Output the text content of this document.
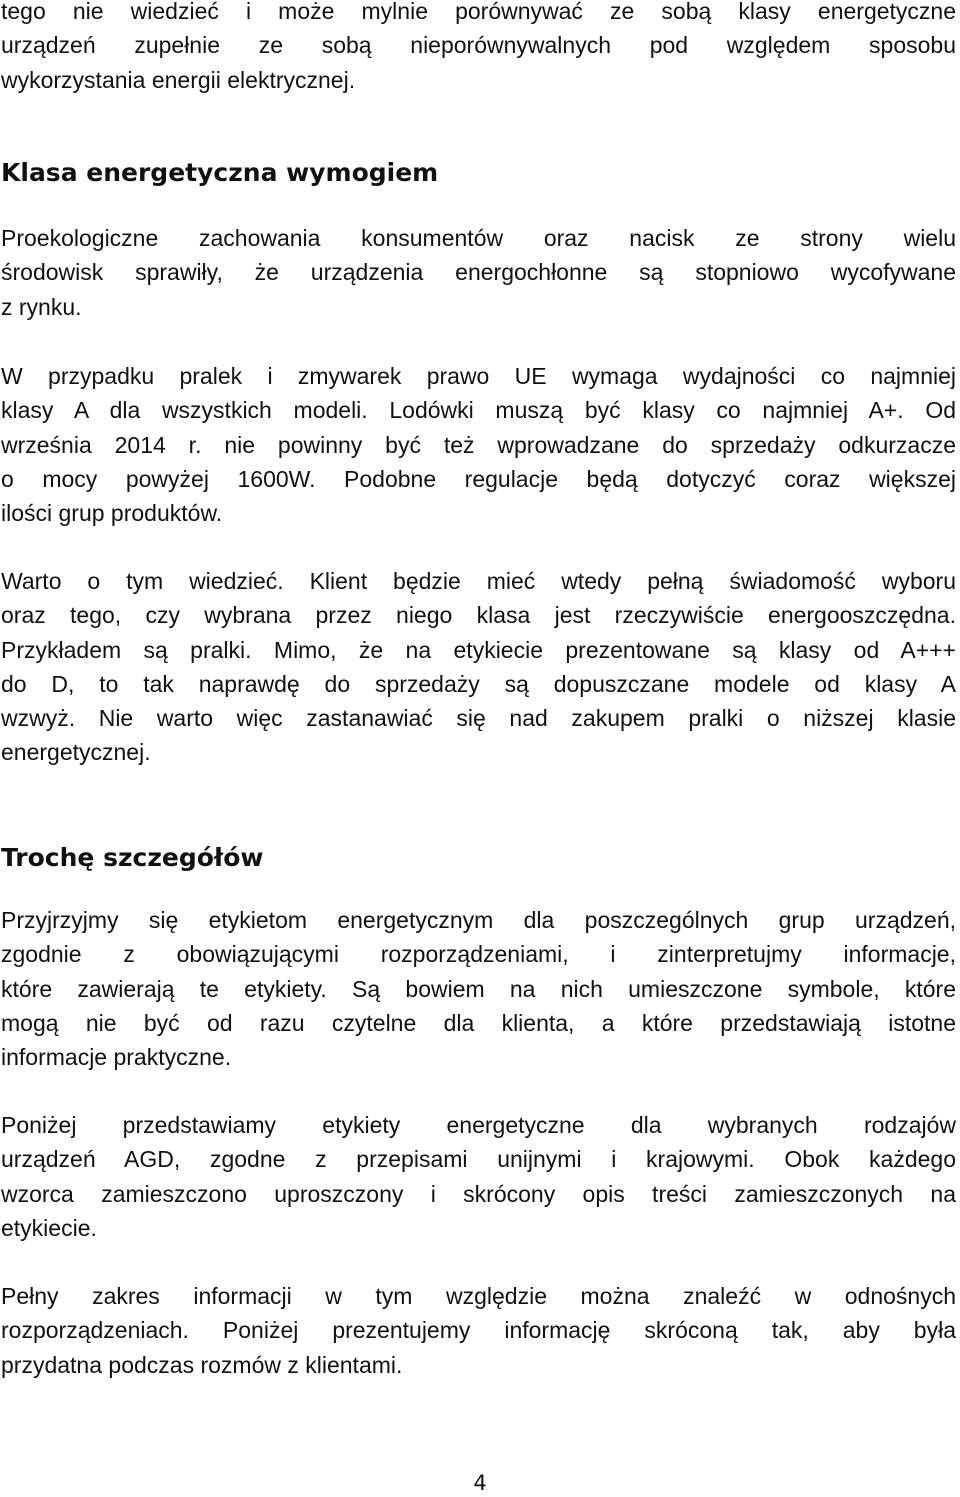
tego nie wiedzieć i może mylnie porównywać ze sobą klasy energetyczne
urządzeń zupełnie ze sobą nieporównywalnych pod względem sposobu
wykorzystania energii elektrycznej.

Klasa energetyczna wymogiem

Proekologiczne zachowania konsumentów oraz nacisk ze strony wielu
środowisk sprawiły, że urządzenia energochłonne są stopniowo wycofywane
z rynku.

W przypadku pralek i zmywarek prawo UE wymaga wydajności co najmniej
klasy A dla wszystkich modeli. Lodówki muszą być klasy co najmniej A+. Od
września 2014 r. nie powinny być też wprowadzane do sprzedaży odkurzacze
o mocy powyżej 1600W. Podobne regulacje będą dotyczyć coraz większej
ilości grup produktów.

Warto o tym wiedzieć. Klient będzie mieć wtedy pełną świadomość wyboru
oraz tego, czy wybrana przez niego klasa jest rzeczywiście energooszczędna.
Przykładem są pralki. Mimo, że na etykiecie prezentowane są klasy od A+++
do D, to tak naprawdę do sprzedaży są dopuszczane modele od klasy A
wzwyż. Nie warto więc zastanawiać się nad zakupem pralki o niższej klasie
energetycznej.

Trochę szczegółów

Przyjrzyjmy się etykietom energetycznym dla poszczególnych grup urządzeń,
zgodnie z obowiązującymi rozporządzeniami, i zinterpretujmy informacje,
które zawierają te etykiety. Są bowiem na nich umieszczone symbole, które
mogą nie być od razu czytelne dla klienta, a które przedstawiają istotne
informacje praktyczne.

Poniżej przedstawiamy etykiety energetyczne dla wybranych rodzajów
urządzeń AGD, zgodne z przepisami unijnymi i krajowymi. Obok każdego
wzorca zamieszczono uproszczony i skrócony opis treści zamieszczonych na
etykiecie.

Pełny zakres informacji w tym względzie można znaleźć w odnośnych
rozporządzeniach. Poniżej prezentujemy informację skróconą tak, aby była
przydatna podczas rozmów z klientami.

4
